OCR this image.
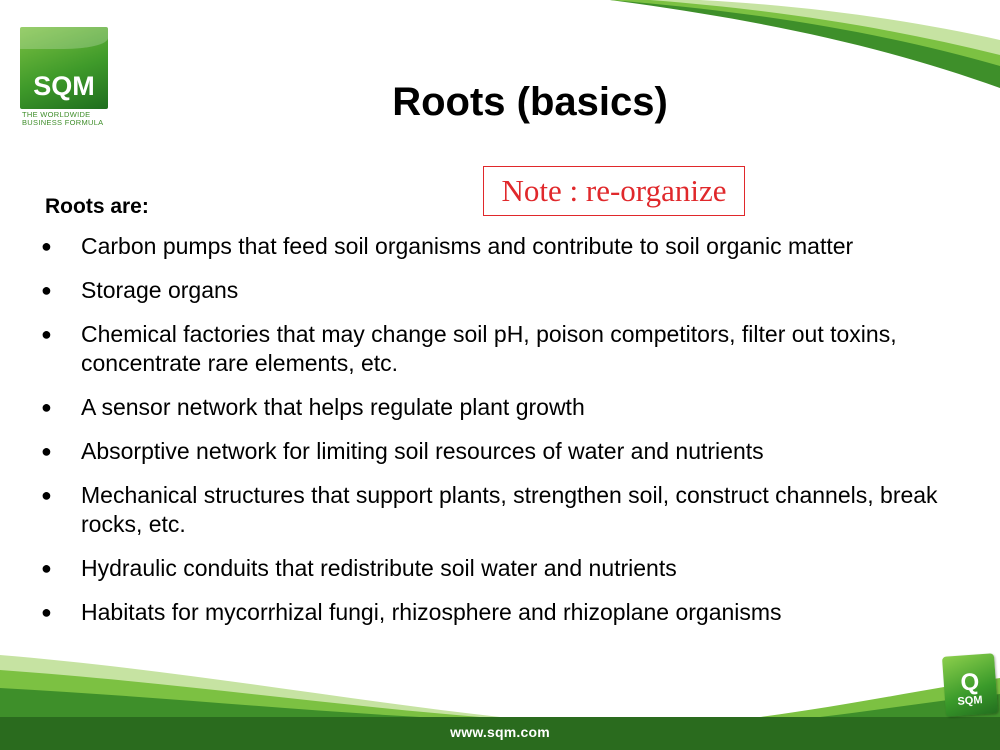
SQM
THE WORLDWIDE
BUSINESS FORMULA	Roots (basics)
Note : re-organize
Roots are:
● Carbon pumps that feed soil organisms and contribute to soil organic matter
● Storage organs
● Chemical factories that may change soil pH, poison competitors, filter out toxins, concentrate rare elements, etc.
● A sensor network that helps regulate plant growth
● Absorptive network for limiting soil resources of water and nutrients
● Mechanical structures that support plants, strengthen soil, construct channels, break rocks, etc.
● Hydraulic conduits that redistribute soil water and nutrients
● Habitats for mycorrhizal fungi, rhizosphere and rhizoplane organisms
www.sqm.com
Q
SQM
